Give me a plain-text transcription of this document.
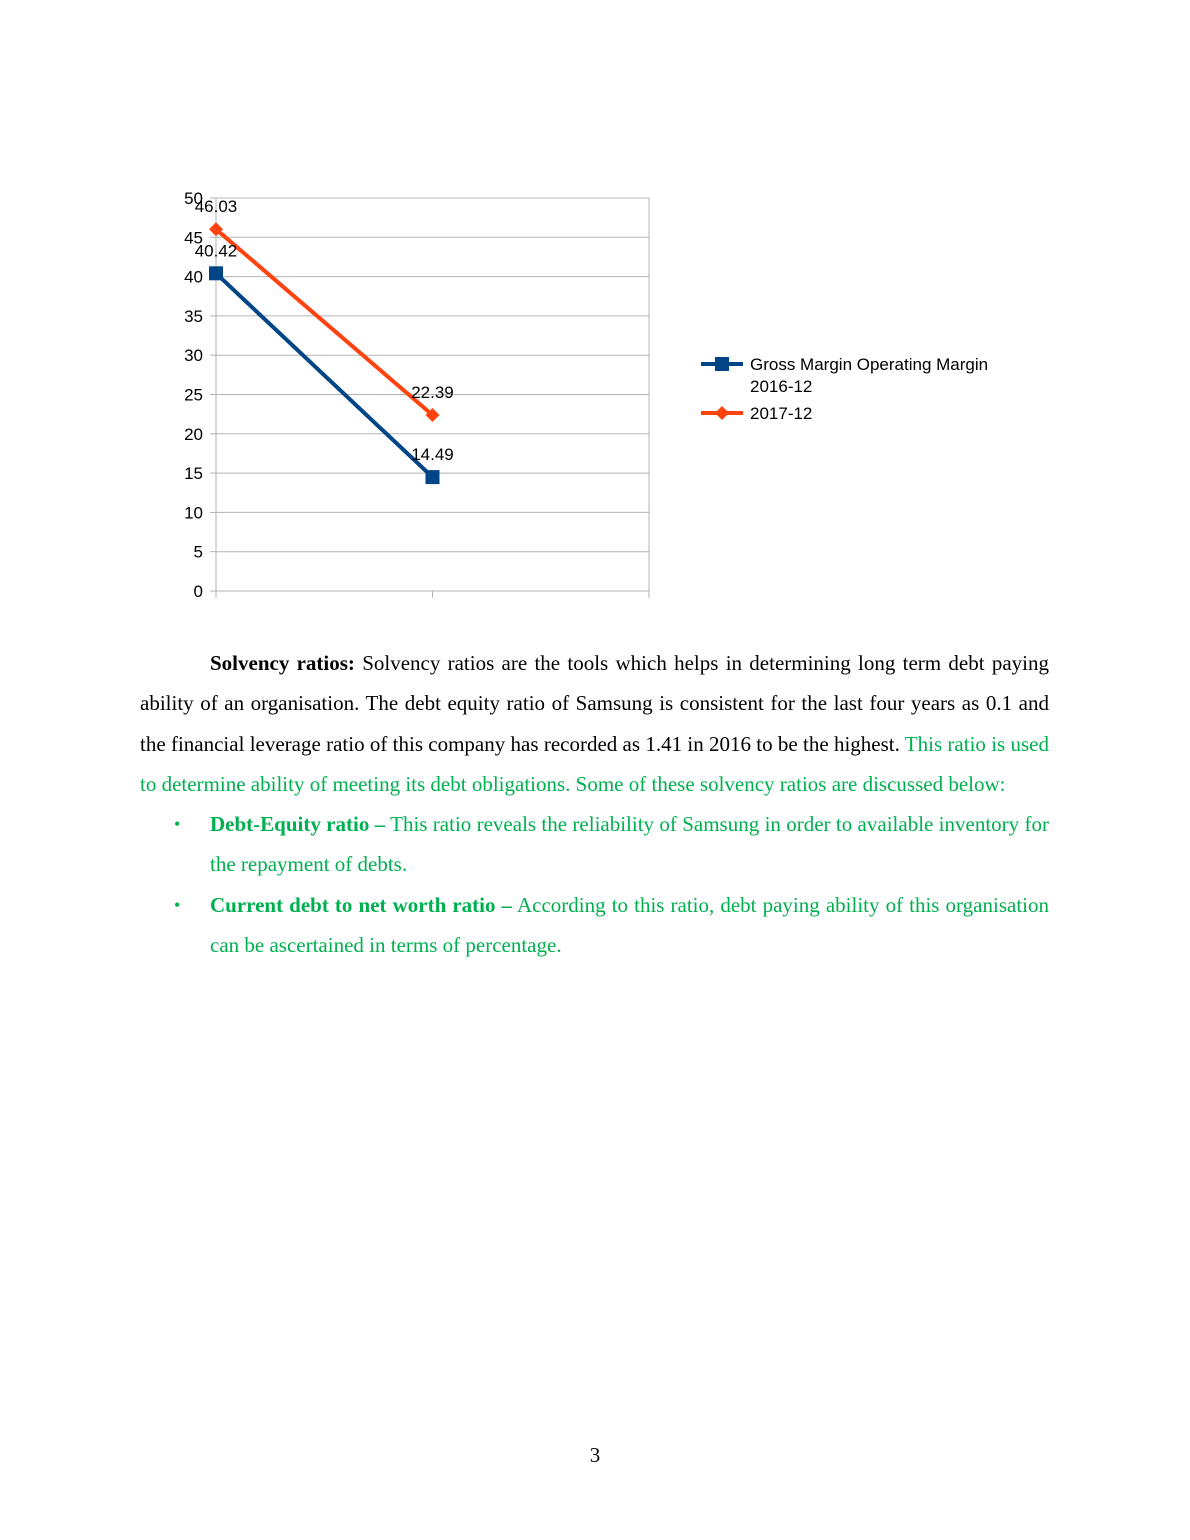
0
5
10
15
20
25
30
35
40
45
50
40.42
14.49
46.03
22.39
Gross Margin Operating Margin
2016-12
2017-12

Solvency ratios: Solvency ratios are the tools which helps in determining long term debt paying ability of an organisation. The debt equity ratio of Samsung is consistent for the last four years as 0.1 and the financial leverage ratio of this company has recorded as 1.41 in 2016 to be the highest. This ratio is used to determine ability of meeting its debt obligations. Some of these solvency ratios are discussed below:

• Debt-Equity ratio – This ratio reveals the reliability of Samsung in order to available inventory for the repayment of debts.
• Current debt to net worth ratio – According to this ratio, debt paying ability of this organisation can be ascertained in terms of percentage.
3
